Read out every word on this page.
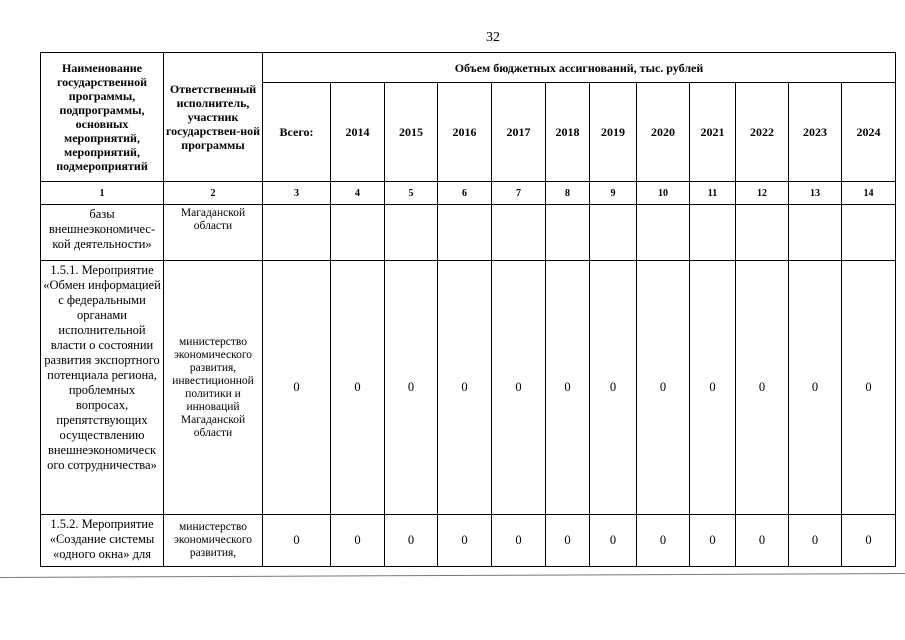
32
Наименование государственной программы, подпрограммы, основных мероприятий, мероприятий, подмероприятий	Ответственный исполнитель, участник государствен-ной программы	Объем бюджетных ассигнований, тыс. рублей											
		Всего:	2014	2015	2016	2017	2018	2019	2020	2021	2022	2023	2024
1	2	3	4	5	6	7	8	9	10	11	12	13	14
базы внешнеэкономичес-кой деятельности»	Магаданской области												
1.5.1. Мероприятие «Обмен информацией с федеральными органами исполнительной власти о состоянии развития экспортного потенциала региона, проблемных вопросах, препятствующих осуществлению внешнеэкономическ ого сотрудничества»	министерство экономического развития, инвестиционной политики и инноваций Магаданской области	0	0	0	0	0	0	0	0	0	0	0	0
1.5.2. Мероприятие «Создание системы «одного окна» для	министерство экономического развития,	0	0	0	0	0	0	0	0	0	0	0	0
